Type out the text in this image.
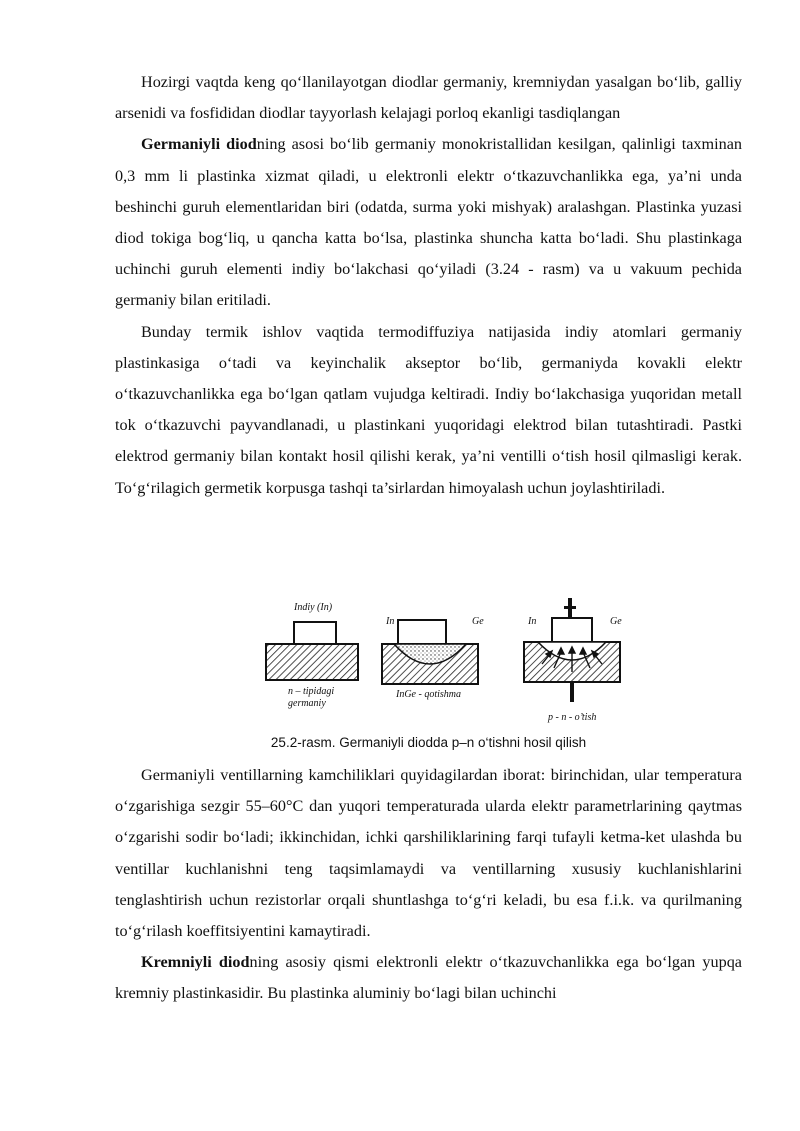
Hozirgi vaqtda keng qo‘llanilayotgan diodlar germaniy, kremniydan yasalgan bo‘lib, galliy arsenidi va fosfididan diodlar tayyorlash kelajagi porloq ekanligi tasdiqlangan

Germaniyli diodning asosi bo‘lib germaniy monokristallidan kesilgan, qalinligi taxminan 0,3 mm li plastinka xizmat qiladi, u elektronli elektr o‘tkazuvchanlikka ega, ya’ni unda beshinchi guruh elementlaridan biri (odatda, surma yoki mishyak) aralashgan. Plastinka yuzasi diod tokiga bog‘liq, u qancha katta bo‘lsa, plastinka shuncha katta bo‘ladi. Shu plastinkaga uchinchi guruh elementi indiy bo‘lakchasi qo‘yiladi (3.24 - rasm) va u vakuum pechida germaniy bilan eritiladi.

Bunday termik ishlov vaqtida termodiffuziya natijasida indiy atomlari germaniy plastinkasiga o‘tadi va keyinchalik akseptor bo‘lib, germaniyda kovakli elektr o‘tkazuvchanlikka ega bo‘lgan qatlam vujudga keltiradi. Indiy bo‘lakchasiga yuqoridan metall tok o‘tkazuvchi payvandlanadi, u plastinkani yuqoridagi elektrod bilan tutashtiradi. Pastki elektrod germaniy bilan kontakt hosil qilishi kerak, ya’ni ventilli o‘tish hosil qilmasligi kerak. To‘g‘rilagich germetik korpusga tashqi ta’sirlardan himoyalash uchun joylashtiriladi.

Indiy (In)
n – tipidagi
germaniy
In	Ge
InGe - qotishma
In	Ge
p - n - o’tish
25.2-rasm. Germaniyli diodda p–n o‘tishni hosil qilish

Germaniyli ventillarning kamchiliklari quyidagilardan iborat: birinchidan, ular temperatura o‘zgarishiga sezgir 55–60°C dan yuqori temperaturada ularda elektr parametrlarining qaytmas o‘zgarishi sodir bo‘ladi; ikkinchidan, ichki qarshiliklarining farqi tufayli ketma-ket ulashda bu ventillar kuchlanishni teng taqsimlamaydi va ventillarning xususiy kuchlanishlarini tenglashtirish uchun rezistorlar orqali shuntlashga to‘g‘ri keladi, bu esa f.i.k. va qurilmaning to‘g‘rilash koeffitsiyentini kamaytiradi.

Kremniyli diodning asosiy qismi elektronli elektr o‘tkazuvchanlikka ega bo‘lgan yupqa kremniy plastinkasidir. Bu plastinka aluminiy bo‘lagi bilan uchinchi
